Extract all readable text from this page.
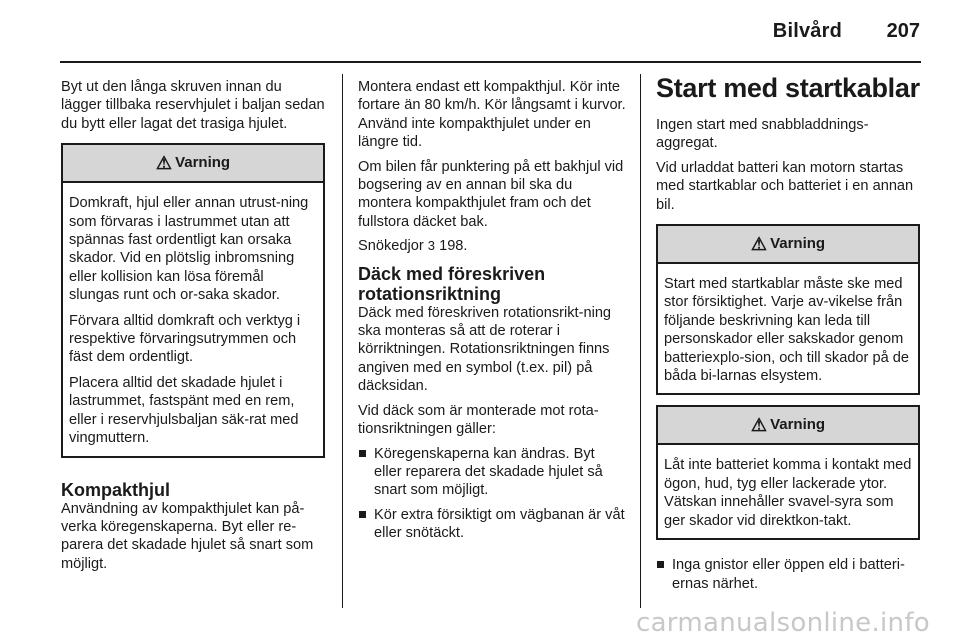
Bilvård 207

Byt ut den långa skruven innan du lägger tillbaka reservhjulet i baljan sedan du bytt eller lagat det trasiga hjulet.

⚠ Varning

Domkraft, hjul eller annan utrust-ning som förvaras i lastrummet utan att spännas fast ordentligt kan orsaka skador. Vid en plötslig inbromsning eller kollision kan lösa föremål slungas runt och or-saka skador.

Förvara alltid domkraft och verktyg i respektive förvaringsutrymmen och fäst dem ordentligt.

Placera alltid det skadade hjulet i lastrummet, fastspänt med en rem, eller i reservhjulsbaljan säk-rat med vingmuttern.

Kompakthjul

Användning av kompakthjulet kan på-verka köregenskaperna. Byt eller re-parera det skadade hjulet så snart som möjligt.

Montera endast ett kompakthjul. Kör inte fortare än 80 km/h. Kör långsamt i kurvor. Använd inte kompakthjulet under en längre tid.

Om bilen får punktering på ett bakhjul vid bogsering av en annan bil ska du montera kompakthjulet fram och det fullstora däcket bak.

Snökedjor 3 198.

Däck med föreskriven rotationsriktning

Däck med föreskriven rotationsrikt-ning ska monteras så att de roterar i körriktningen. Rotationsriktningen finns angiven med en symbol (t.ex. pil) på däcksidan.

Vid däck som är monterade mot rota-tionsriktningen gäller:

Köregenskaperna kan ändras. Byt eller reparera det skadade hjulet så snart som möjligt.
Kör extra försiktigt om vägbanan är våt eller snötäckt.
Start med startkablar

Ingen start med snabbladdnings-aggregat.

Vid urladdat batteri kan motorn startas med startkablar och batteriet i en annan bil.

⚠ Varning

Start med startkablar måste ske med stor försiktighet. Varje av-vikelse från följande beskrivning kan leda till personskador eller sakskador genom batteriexplo-sion, och till skador på de båda bi-larnas elsystem.

⚠ Varning

Låt inte batteriet komma i kontakt med ögon, hud, tyg eller lackerade ytor. Vätskan innehåller svavel-syra som ger skador vid direktkon-takt.

Inga gnistor eller öppen eld i batteri-ernas närhet.
carmanualsonline.info
